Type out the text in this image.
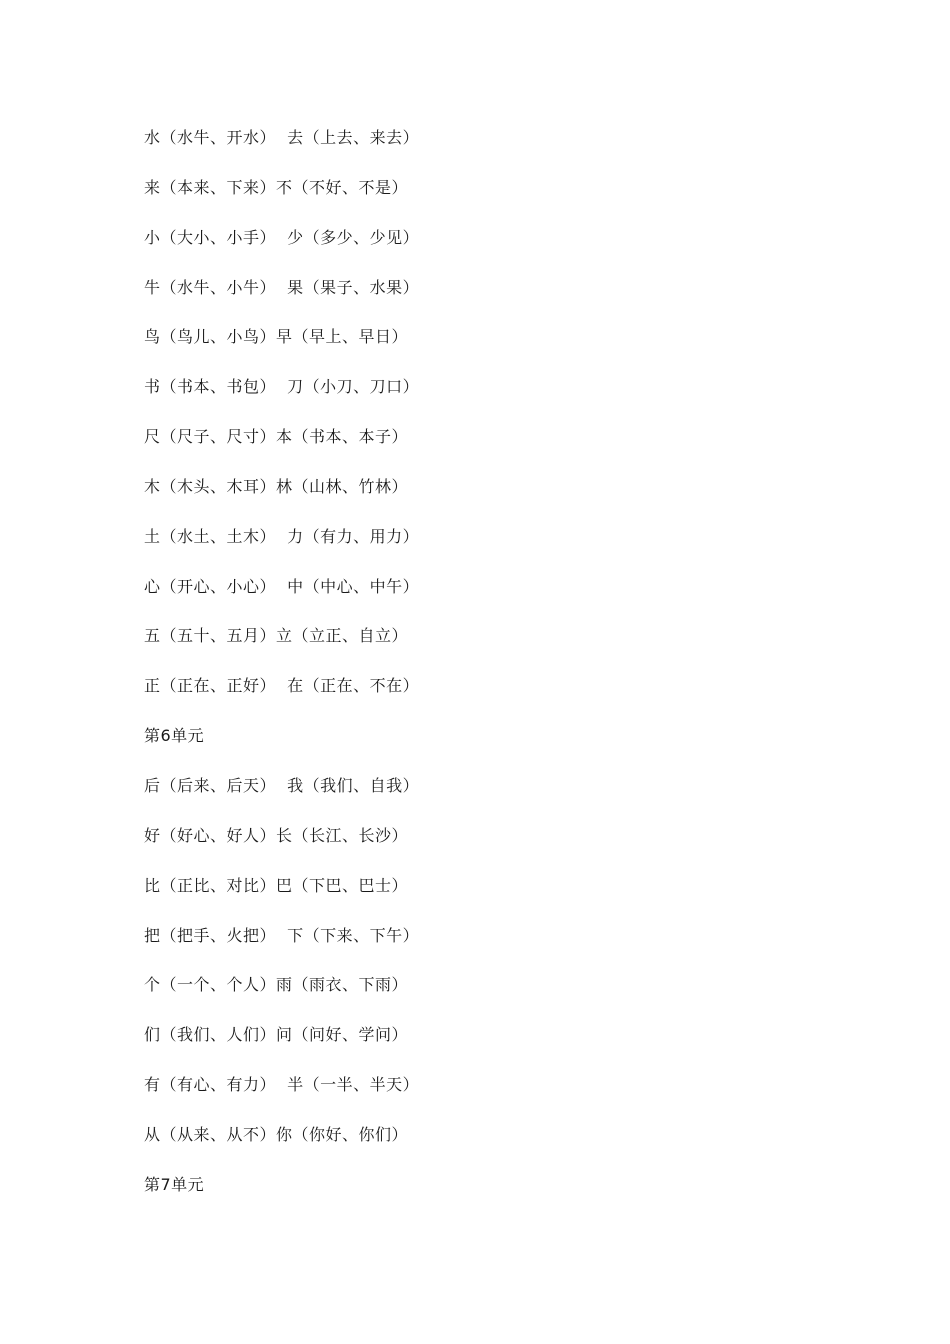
水（水牛、开水）  去（上去、来去）
来（本来、下来）不（不好、不是）
小（大小、小手）  少（多少、少见）
牛（水牛、小牛）  果（果子、水果）
鸟（鸟儿、小鸟）早（早上、早日）
书（书本、书包）  刀（小刀、刀口）
尺（尺子、尺寸）本（书本、本子）
木（木头、木耳）林（山林、竹林）
土（水土、土木）  力（有力、用力）
心（开心、小心）  中（中心、中午）
五（五十、五月）立（立正、自立）
正（正在、正好）  在（正在、不在）
第6单元
后（后来、后天）  我（我们、自我）
好（好心、好人）长（长江、长沙）
比（正比、对比）巴（下巴、巴士）
把（把手、火把）  下（下来、下午）
个（一个、个人）雨（雨衣、下雨）
们（我们、人们）问（问好、学问）
有（有心、有力）  半（一半、半天）
从（从来、从不）你（你好、你们）
第7单元
